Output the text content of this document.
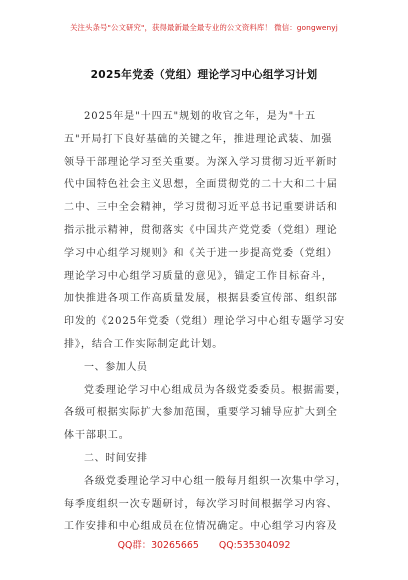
关注头条号"公文研究"，获得最新最全最专业的公文资料库！ 微信：gongwenyj
2025年党委（党组）理论学习中心组学习计划
2025年是"十四五"规划的收官之年，是为"十五
五"开局打下良好基础的关键之年，推进理论武装、加强
领导干部理论学习至关重要。为深入学习贯彻习近平新时
代中国特色社会主义思想，全面贯彻党的二十大和二十届
二中、三中全会精神，学习贯彻习近平总书记重要讲话和
指示批示精神，贯彻落实《中国共产党党委（党组）理论
学习中心组学习规则》和《关于进一步提高党委（党组）
理论学习中心组学习质量的意见》，锚定工作目标奋斗，
加快推进各项工作高质量发展，根据县委宣传部、组织部
印发的《2025年党委（党组）理论学习中心组专题学习安
排》，结合工作实际制定此计划。
一、参加人员
党委理论学习中心组成员为各级党委委员。根据需要，
各级可根据实际扩大参加范围，重要学习辅导应扩大到全
体干部职工。
二、时间安排
各级党委理论学习中心组一般每月组织一次集中学习，
每季度组织一次专题研讨，每次学习时间根据学习内容、
工作安排和中心组成员在位情况确定。中心组学习内容及
QQ群：30265665 QQ:535304092
